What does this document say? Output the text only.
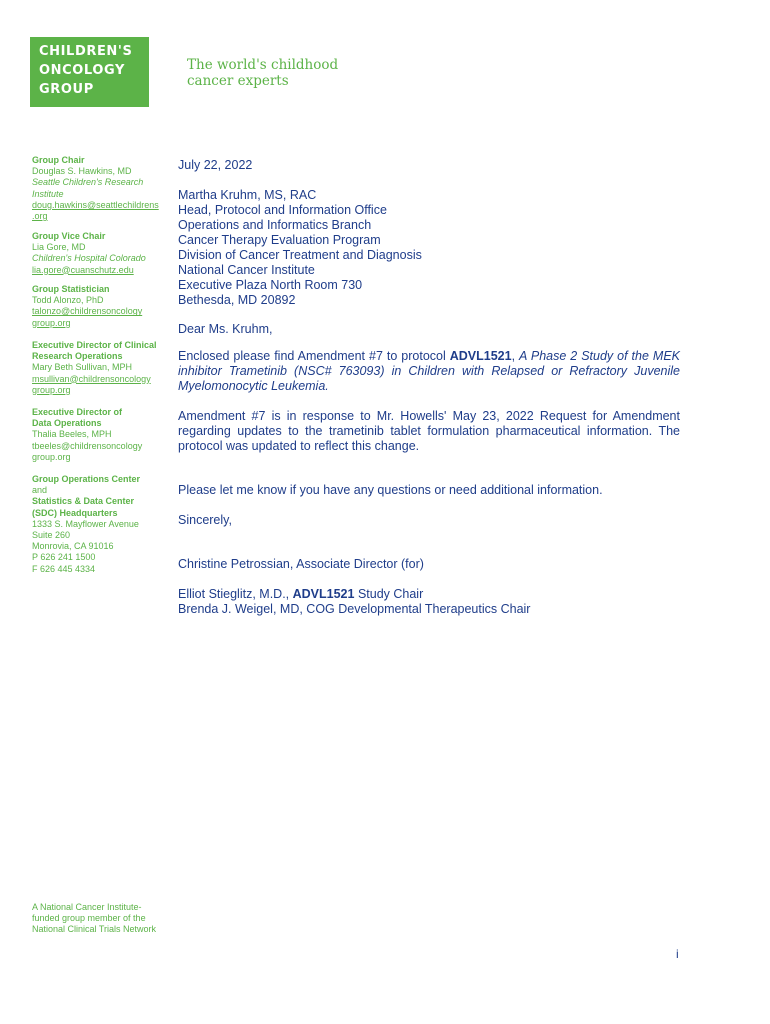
CHILDREN'S
ONCOLOGY
GROUP
The world's childhood
cancer experts
Group Chair
Douglas S. Hawkins, MD
Seattle Children's Research
Institute
doug.hawkins@seattlechildrens
.org
Group Vice Chair
Lia Gore, MD
Children's Hospital Colorado
lia.gore@cuanschutz.edu
Group Statistician
Todd Alonzo, PhD
talonzo@childrensoncology
group.org
Executive Director of Clinical
Research Operations
Mary Beth Sullivan, MPH
msullivan@childrensoncology
group.org
Executive Director of
Data Operations
Thalia Beeles, MPH
tbeeles@childrensoncology
group.org
Group Operations Center
and
Statistics & Data Center
(SDC) Headquarters
1333 S. Mayflower Avenue
Suite 260
Monrovia, CA 91016
P 626 241 1500
F 626 445 4334
A National Cancer Institute-
funded group member of the
National Clinical Trials Network
July 22, 2022
Martha Kruhm, MS, RAC
Head, Protocol and Information Office
Operations and Informatics Branch
Cancer Therapy Evaluation Program
Division of Cancer Treatment and Diagnosis
National Cancer Institute
Executive Plaza North Room 730
Bethesda, MD 20892
Dear Ms. Kruhm,
Enclosed please find Amendment #7 to protocol ADVL1521, A Phase 2 Study of the MEK inhibitor Trametinib (NSC# 763093) in Children with Relapsed or Refractory Juvenile Myelomonocytic Leukemia.
Amendment #7 is in response to Mr. Howells' May 23, 2022 Request for Amendment regarding updates to the trametinib tablet formulation pharmaceutical information. The protocol was updated to reflect this change.
Please let me know if you have any questions or need additional information.
Sincerely,
Christine Petrossian, Associate Director (for)
Elliot Stieglitz, M.D., ADVL1521 Study Chair
Brenda J. Weigel, MD, COG Developmental Therapeutics Chair
i
